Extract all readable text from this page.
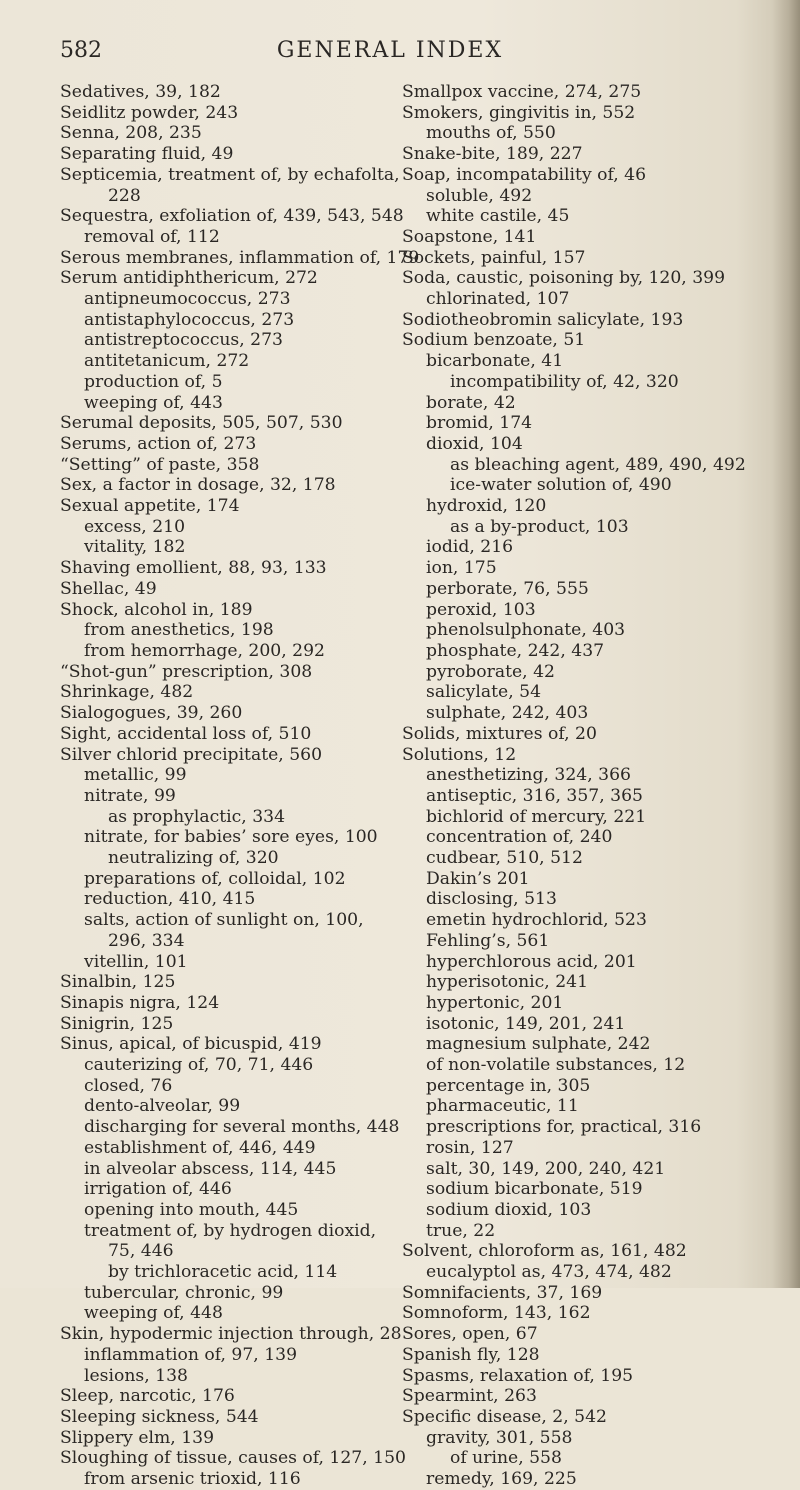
582	GENERAL INDEX
Sedatives, 39, 182
Seidlitz powder, 243
Senna, 208, 235
Separating fluid, 49
Septicemia, treatment of, by echafolta,
228
Sequestra, exfoliation of, 439, 543, 548
removal of, 112
Serous membranes, inflammation of, 179
Serum antidiphthericum, 272
antipneumococcus, 273
antistaphylococcus, 273
antistreptococcus, 273
antitetanicum, 272
production of, 5
weeping of, 443
Serumal deposits, 505, 507, 530
Serums, action of, 273
“Setting” of paste, 358
Sex, a factor in dosage, 32, 178
Sexual appetite, 174
excess, 210
vitality, 182
Shaving emollient, 88, 93, 133
Shellac, 49
Shock, alcohol in, 189
from anesthetics, 198
from hemorrhage, 200, 292
“Shot-gun” prescription, 308
Shrinkage, 482
Sialogogues, 39, 260
Sight, accidental loss of, 510
Silver chlorid precipitate, 560
metallic, 99
nitrate, 99
as prophylactic, 334
nitrate, for babies’ sore eyes, 100
neutralizing of, 320
preparations of, colloidal, 102
reduction, 410, 415
salts, action of sunlight on, 100,
296, 334
vitellin, 101
Sinalbin, 125
Sinapis nigra, 124
Sinigrin, 125
Sinus, apical, of bicuspid, 419
cauterizing of, 70, 71, 446
closed, 76
dento-alveolar, 99
discharging for several months, 448
establishment of, 446, 449
in alveolar abscess, 114, 445
irrigation of, 446
opening into mouth, 445
treatment of, by hydrogen dioxid,
75, 446
by trichloracetic acid, 114
tubercular, chronic, 99
weeping of, 448
Skin, hypodermic injection through, 28
inflammation of, 97, 139
lesions, 138
Sleep, narcotic, 176
Sleeping sickness, 544
Slippery elm, 139
Sloughing of tissue, causes of, 127, 150
from arsenic trioxid, 116
Smallpox vaccine, 274, 275
Smokers, gingivitis in, 552
mouths of, 550
Snake-bite, 189, 227
Soap, incompatability of, 46
soluble, 492
white castile, 45
Soapstone, 141
Sockets, painful, 157
Soda, caustic, poisoning by, 120, 399
chlorinated, 107
Sodiotheobromin salicylate, 193
Sodium benzoate, 51
bicarbonate, 41
incompatibility of, 42, 320
borate, 42
bromid, 174
dioxid, 104
as bleaching agent, 489, 490, 492
ice-water solution of, 490
hydroxid, 120
as a by-product, 103
iodid, 216
ion, 175
perborate, 76, 555
peroxid, 103
phenolsulphonate, 403
phosphate, 242, 437
pyroborate, 42
salicylate, 54
sulphate, 242, 403
Solids, mixtures of, 20
Solutions, 12
anesthetizing, 324, 366
antiseptic, 316, 357, 365
bichlorid of mercury, 221
concentration of, 240
cudbear, 510, 512
Dakin’s 201
disclosing, 513
emetin hydrochlorid, 523
Fehling’s, 561
hyperchlorous acid, 201
hyperisotonic, 241
hypertonic, 201
isotonic, 149, 201, 241
magnesium sulphate, 242
of non-volatile substances, 12
percentage in, 305
pharmaceutic, 11
prescriptions for, practical, 316
rosin, 127
salt, 30, 149, 200, 240, 421
sodium bicarbonate, 519
sodium dioxid, 103
true, 22
Solvent, chloroform as, 161, 482
eucalyptol as, 473, 474, 482
Somnifacients, 37, 169
Somnoform, 143, 162
Sores, open, 67
Spanish fly, 128
Spasms, relaxation of, 195
Spearmint, 263
Specific disease, 2, 542
gravity, 301, 558
of urine, 558
remedy, 169, 225
